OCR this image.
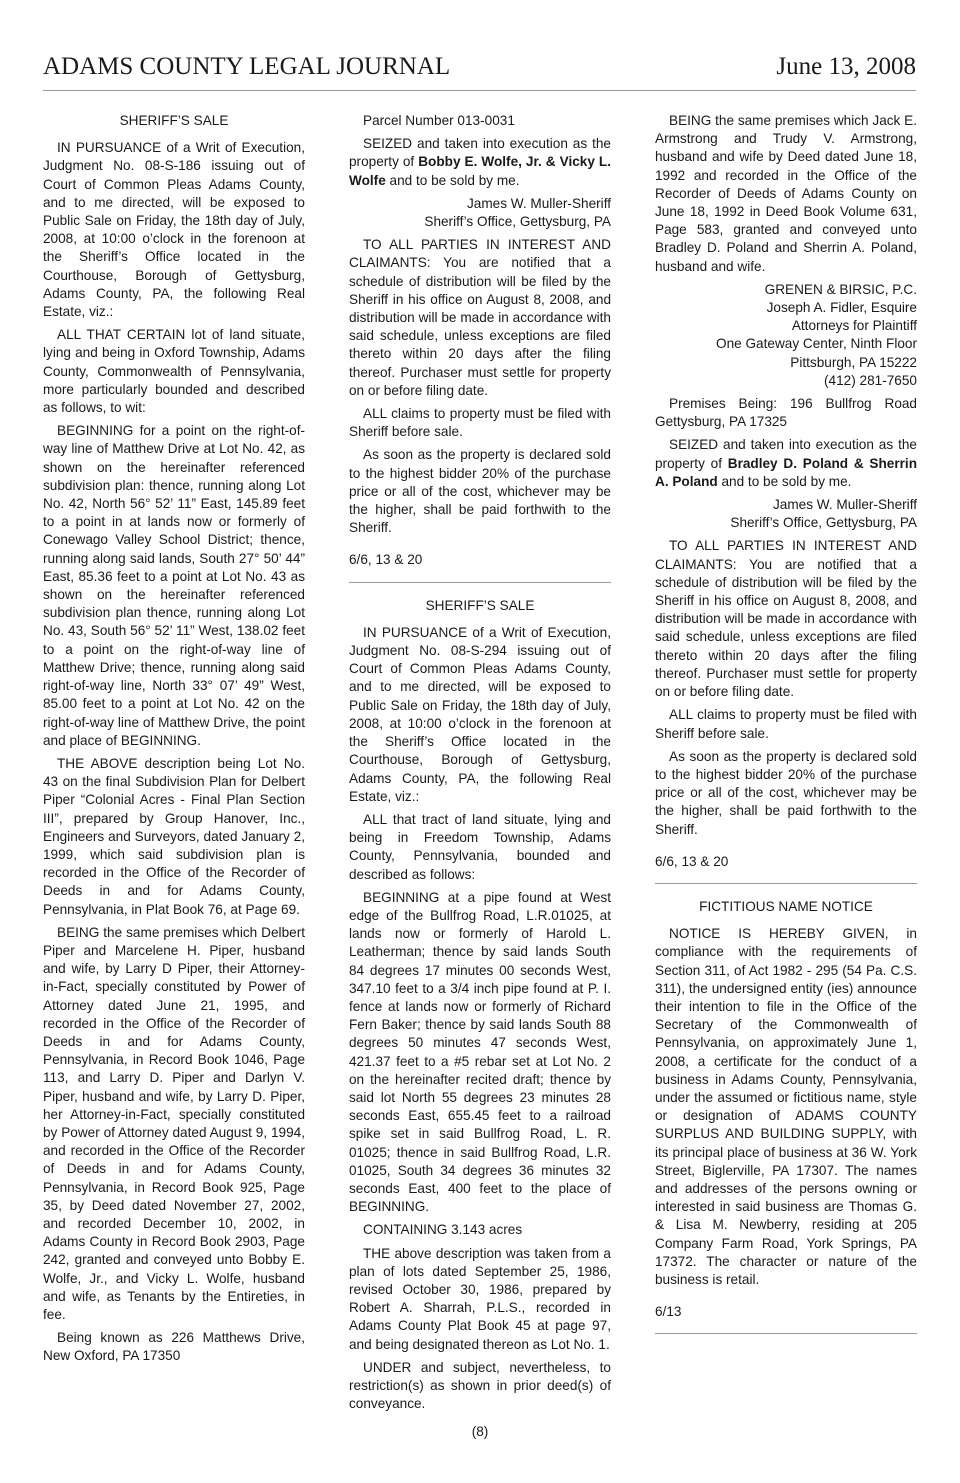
ADAMS COUNTY LEGAL JOURNAL	June 13, 2008
SHERIFF’S SALE

IN PURSUANCE of a Writ of Execution, Judgment No. 08-S-186 issuing out of Court of Common Pleas Adams County, and to me directed, will be exposed to Public Sale on Friday, the 18th day of July, 2008, at 10:00 o’clock in the forenoon at the Sheriff’s Office located in the Courthouse, Borough of Gettysburg, Adams County, PA, the following Real Estate, viz.:

ALL THAT CERTAIN lot of land situate, lying and being in Oxford Township, Adams County, Commonwealth of Pennsylvania, more particularly bounded and described as follows, to wit:

BEGINNING for a point on the right-of-way line of Matthew Drive at Lot No. 42, as shown on the hereinafter referenced subdivision plan: thence, running along Lot No. 42, North 56° 52’ 11” East, 145.89 feet to a point in at lands now or formerly of Conewago Valley School District; thence, running along said lands, South 27° 50’ 44” East, 85.36 feet to a point at Lot No. 43 as shown on the hereinafter referenced subdivision plan thence, running along Lot No. 43, South 56° 52’ 11” West, 138.02 feet to a point on the right-of-way line of Matthew Drive; thence, running along said right-of-way line, North 33° 07’ 49” West, 85.00 feet to a point at Lot No. 42 on the right-of-way line of Matthew Drive, the point and place of BEGINNING.

THE ABOVE description being Lot No. 43 on the final Subdivision Plan for Delbert Piper “Colonial Acres - Final Plan Section III”, prepared by Group Hanover, Inc., Engineers and Surveyors, dated January 2, 1999, which said subdivision plan is recorded in the Office of the Recorder of Deeds in and for Adams County, Pennsylvania, in Plat Book 76, at Page 69.

BEING the same premises which Delbert Piper and Marcelene H. Piper, husband and wife, by Larry D Piper, their Attorney-in-Fact, specially constituted by Power of Attorney dated June 21, 1995, and recorded in the Office of the Recorder of Deeds in and for Adams County, Pennsylvania, in Record Book 1046, Page 113, and Larry D. Piper and Darlyn V. Piper, husband and wife, by Larry D. Piper, her Attorney-in-Fact, specially constituted by Power of Attorney dated August 9, 1994, and recorded in the Office of the Recorder of Deeds in and for Adams County, Pennsylvania, in Record Book 925, Page 35, by Deed dated November 27, 2002, and recorded December 10, 2002, in Adams County in Record Book 2903, Page 242, granted and conveyed unto Bobby E. Wolfe, Jr., and Vicky L. Wolfe, husband and wife, as Tenants by the Entireties, in fee.

Being known as 226 Matthews Drive, New Oxford, PA 17350

Parcel Number 013-0031

SEIZED and taken into execution as the property of Bobby E. Wolfe, Jr. & Vicky L. Wolfe and to be sold by me.

James W. Muller-Sheriff
Sheriff’s Office, Gettysburg, PA

TO ALL PARTIES IN INTEREST AND CLAIMANTS: You are notified that a schedule of distribution will be filed by the Sheriff in his office on August 8, 2008, and distribution will be made in accordance with said schedule, unless exceptions are filed thereto within 20 days after the filing thereof. Purchaser must settle for property on or before filing date.

ALL claims to property must be filed with Sheriff before sale.

As soon as the property is declared sold to the highest bidder 20% of the purchase price or all of the cost, whichever may be the higher, shall be paid forthwith to the Sheriff.

6/6, 13 & 20
SHERIFF’S SALE

IN PURSUANCE of a Writ of Execution, Judgment No. 08-S-294 issuing out of Court of Common Pleas Adams County, and to me directed, will be exposed to Public Sale on Friday, the 18th day of July, 2008, at 10:00 o’clock in the forenoon at the Sheriff’s Office located in the Courthouse, Borough of Gettysburg, Adams County, PA, the following Real Estate, viz.:

ALL that tract of land situate, lying and being in Freedom Township, Adams County, Pennsylvania, bounded and described as follows:

BEGINNING at a pipe found at West edge of the Bullfrog Road, L.R.01025, at lands now or formerly of Harold L. Leatherman; thence by said lands South 84 degrees 17 minutes 00 seconds West, 347.10 feet to a 3/4 inch pipe found at P. I. fence at lands now or formerly of Richard Fern Baker; thence by said lands South 88 degrees 50 minutes 47 seconds West, 421.37 feet to a #5 rebar set at Lot No. 2 on the hereinafter recited draft; thence by said lot North 55 degrees 23 minutes 28 seconds East, 655.45 feet to a railroad spike set in said Bullfrog Road, L. R. 01025; thence in said Bullfrog Road, L.R. 01025, South 34 degrees 36 minutes 32 seconds East, 400 feet to the place of BEGINNING.

CONTAINING 3.143 acres

THE above description was taken from a plan of lots dated September 25, 1986, revised October 30, 1986, prepared by Robert A. Sharrah, P.L.S., recorded in Adams County Plat Book 45 at page 97, and being designated thereon as Lot No. 1.

UNDER and subject, nevertheless, to restriction(s) as shown in prior deed(s) of conveyance.

BEING the same premises which Jack E. Armstrong and Trudy V. Armstrong, husband and wife by Deed dated June 18, 1992 and recorded in the Office of the Recorder of Deeds of Adams County on June 18, 1992 in Deed Book Volume 631, Page 583, granted and conveyed unto Bradley D. Poland and Sherrin A. Poland, husband and wife.

GRENEN & BIRSIC, P.C.
Joseph A. Fidler, Esquire
Attorneys for Plaintiff
One Gateway Center, Ninth Floor
Pittsburgh, PA 15222
(412) 281-7650

Premises Being: 196 Bullfrog Road Gettysburg, PA 17325

SEIZED and taken into execution as the property of Bradley D. Poland & Sherrin A. Poland and to be sold by me.

James W. Muller-Sheriff
Sheriff’s Office, Gettysburg, PA

TO ALL PARTIES IN INTEREST AND CLAIMANTS: You are notified that a schedule of distribution will be filed by the Sheriff in his office on August 8, 2008, and distribution will be made in accordance with said schedule, unless exceptions are filed thereto within 20 days after the filing thereof. Purchaser must settle for property on or before filing date.

ALL claims to property must be filed with Sheriff before sale.

As soon as the property is declared sold to the highest bidder 20% of the purchase price or all of the cost, whichever may be the higher, shall be paid forthwith to the Sheriff.

6/6, 13 & 20
FICTITIOUS NAME NOTICE

NOTICE IS HEREBY GIVEN, in compliance with the requirements of Section 311, of Act 1982 - 295 (54 Pa. C.S. 311), the undersigned entity (ies) announce their intention to file in the Office of the Secretary of the Commonwealth of Pennsylvania, on approximately June 1, 2008, a certificate for the conduct of a business in Adams County, Pennsylvania, under the assumed or fictitious name, style or designation of ADAMS COUNTY SURPLUS AND BUILDING SUPPLY, with its principal place of business at 36 W. York Street, Biglerville, PA 17307. The names and addresses of the persons owning or interested in said business are Thomas G. & Lisa M. Newberry, residing at 205 Company Farm Road, York Springs, PA 17372. The character or nature of the business is retail.

6/13
(8)
